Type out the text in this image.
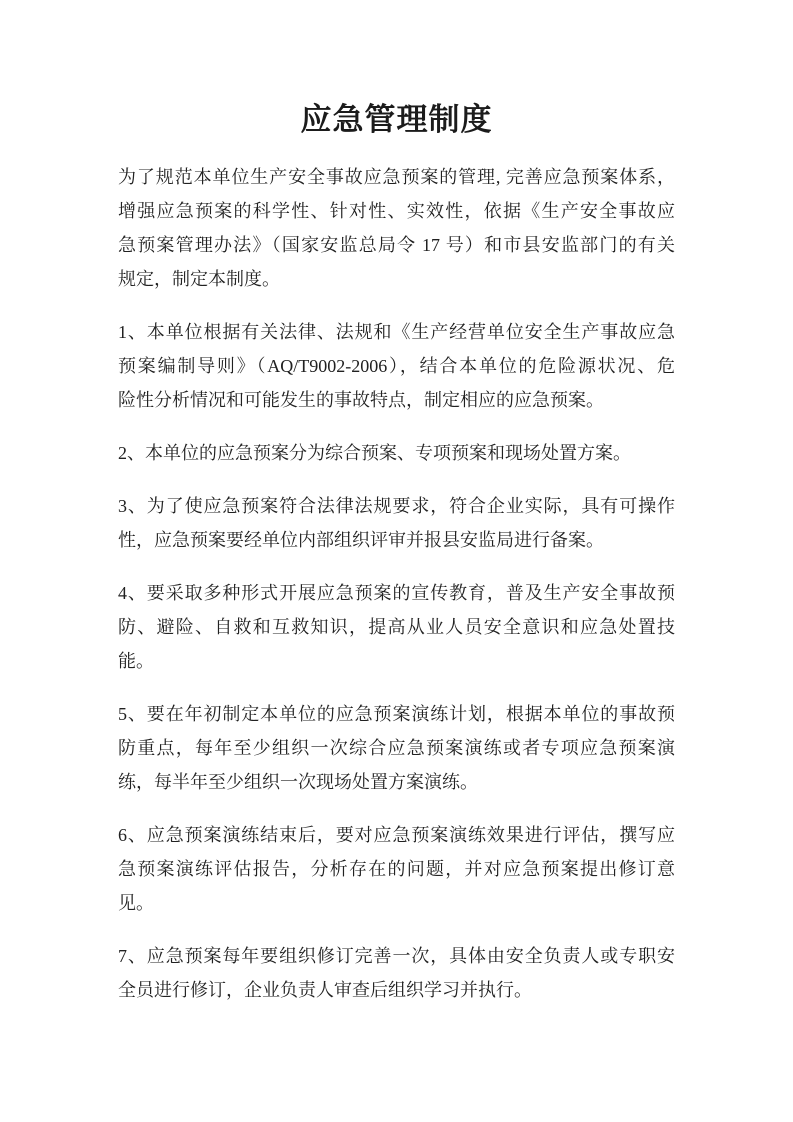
应急管理制度
为了规范本单位生产安全事故应急预案的管理, 完善应急预案体系，
增强应急预案的科学性、针对性、实效性，依据《生产安全事故应
急预案管理办法》（国家安监总局令 17 号）和市县安监部门的有关
规定，制定本制度。
1、本单位根据有关法律、法规和《生产经营单位安全生产事故应急
预案编制导则》（AQ/T9002-2006），结合本单位的危险源状况、危
险性分析情况和可能发生的事故特点，制定相应的应急预案。
2、本单位的应急预案分为综合预案、专项预案和现场处置方案。
3、为了使应急预案符合法律法规要求，符合企业实际，具有可操作
性，应急预案要经单位内部组织评审并报县安监局进行备案。
4、要采取多种形式开展应急预案的宣传教育，普及生产安全事故预
防、避险、自救和互救知识，提高从业人员安全意识和应急处置技
能。
5、要在年初制定本单位的应急预案演练计划，根据本单位的事故预
防重点，每年至少组织一次综合应急预案演练或者专项应急预案演
练，每半年至少组织一次现场处置方案演练。
6、应急预案演练结束后，要对应急预案演练效果进行评估，撰写应
急预案演练评估报告，分析存在的问题，并对应急预案提出修订意
见。
7、应急预案每年要组织修订完善一次，具体由安全负责人或专职安
全员进行修订，企业负责人审查后组织学习并执行。
